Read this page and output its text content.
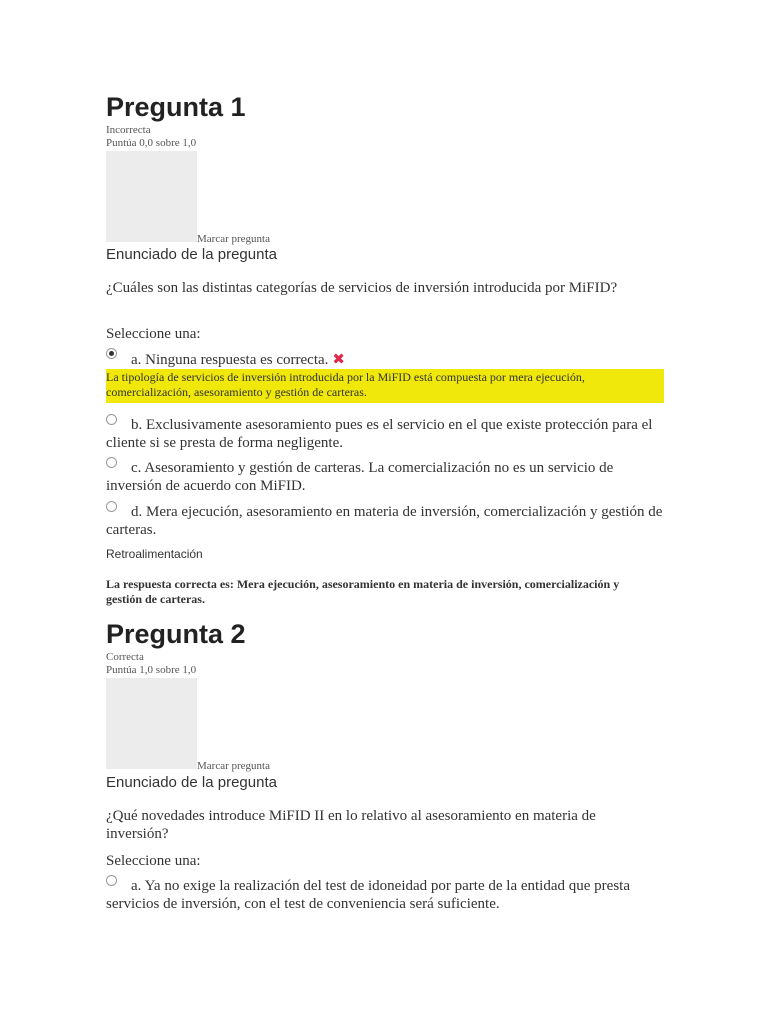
Pregunta 1
Incorrecta
Puntúa 0,0 sobre 1,0
Marcar pregunta
Enunciado de la pregunta
¿Cuáles son las distintas categorías de servicios de inversión introducida por MiFID?
Seleccione una:
a. Ninguna respuesta es correcta. ✖
La tipología de servicios de inversión introducida por la MiFID está compuesta por mera ejecución, comercialización, asesoramiento y gestión de carteras.
b. Exclusivamente asesoramiento pues es el servicio en el que existe protección para el cliente si se presta de forma negligente.
c. Asesoramiento y gestión de carteras. La comercialización no es un servicio de inversión de acuerdo con MiFID.
d. Mera ejecución, asesoramiento en materia de inversión, comercialización y gestión de carteras.
Retroalimentación
La respuesta correcta es: Mera ejecución, asesoramiento en materia de inversión, comercialización y gestión de carteras.
Pregunta 2
Correcta
Puntúa 1,0 sobre 1,0
Marcar pregunta
Enunciado de la pregunta
¿Qué novedades introduce MiFID II en lo relativo al asesoramiento en materia de inversión?
Seleccione una:
a. Ya no exige la realización del test de idoneidad por parte de la entidad que presta servicios de inversión, con el test de conveniencia será suficiente.
